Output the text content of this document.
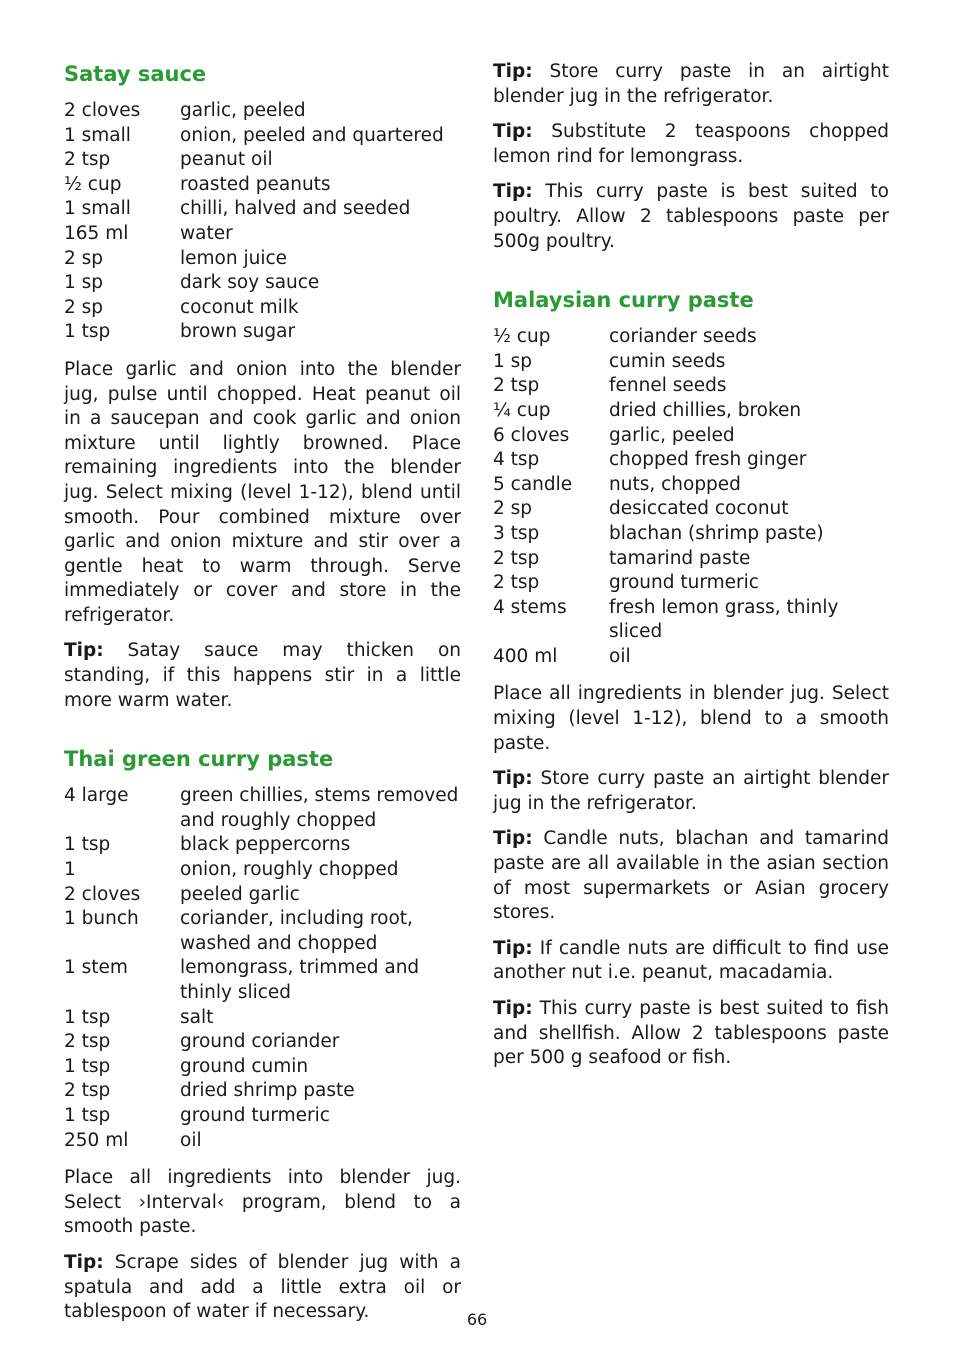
Satay sauce
2 cloves	garlic, peeled
1 small	onion, peeled and quartered
2 tsp	peanut oil
½ cup	roasted peanuts
1 small	chilli, halved and seeded
165 ml	water
2 sp	lemon juice
1 sp	dark soy sauce
2 sp	coconut milk
1 tsp	brown sugar

Place garlic and onion into the blender jug, pulse until chopped. Heat peanut oil in a saucepan and cook garlic and onion mixture until lightly browned. Place remaining ingredients into the blender jug. Select mixing (level 1-12), blend until smooth. Pour combined mixture over garlic and onion mixture and stir over a gentle heat to warm through. Serve immediately or cover and store in the refrigerator.

Tip: Satay sauce may thicken on standing, if this happens stir in a little more warm water.

Thai green curry paste
4 large	green chillies, stems removed and roughly chopped
1 tsp	black peppercorns
1	onion, roughly chopped
2 cloves	peeled garlic
1 bunch	coriander, including root, washed and chopped
1 stem	lemongrass, trimmed and thinly sliced
1 tsp	salt
2 tsp	ground coriander
1 tsp	ground cumin
2 tsp	dried shrimp paste
1 tsp	ground turmeric
250 ml	oil

Place all ingredients into blender jug. Select ›Interval‹ program, blend to a smooth paste.

Tip: Scrape sides of blender jug with a spatula and add a little extra oil or tablespoon of water if necessary.

Tip: Store curry paste in an airtight blender jug in the refrigerator.

Tip: Substitute 2 teaspoons chopped lemon rind for lemongrass.

Tip: This curry paste is best suited to poultry. Allow 2 tablespoons paste per 500g poultry.

Malaysian curry paste
½ cup	coriander seeds
1 sp	cumin seeds
2 tsp	fennel seeds
¼ cup	dried chillies, broken
6 cloves	garlic, peeled
4 tsp	chopped fresh ginger
5 candle	nuts, chopped
2 sp	desiccated coconut
3 tsp	blachan (shrimp paste)
2 tsp	tamarind paste
2 tsp	ground turmeric
4 stems	fresh lemon grass, thinly sliced
400 ml	oil

Place all ingredients in blender jug. Select mixing (level 1-12), blend to a smooth paste.

Tip: Store curry paste an airtight blender jug in the refrigerator.

Tip: Candle nuts, blachan and tamarind paste are all available in the asian section of most supermarkets or Asian grocery stores.

Tip: If candle nuts are difficult to find use another nut i.e. peanut, macadamia.

Tip: This curry paste is best suited to fish and shellfish. Allow 2 tablespoons paste per 500 g seafood or fish.

66
